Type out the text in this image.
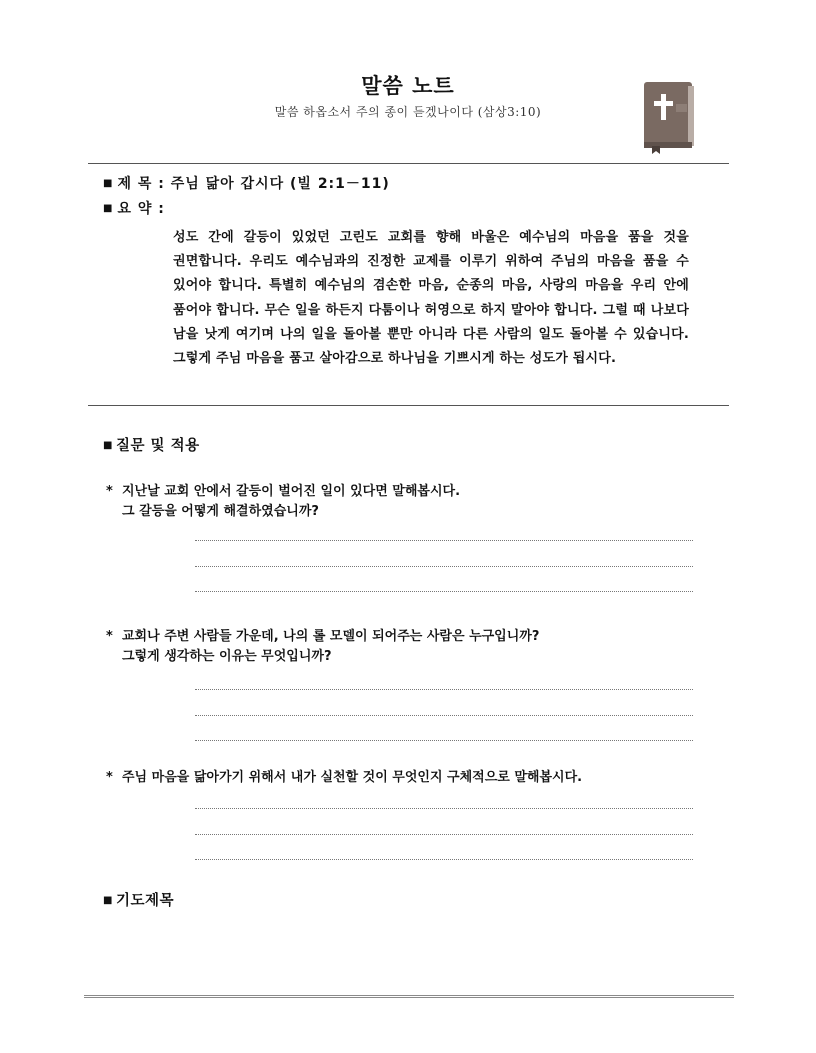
말씀 노트
말씀 하옵소서 주의 종이 듣겠나이다 (삼상3:10)
■ 제 목 : 주님 닮아 갑시다 (빌 2:1－11)
■ 요 약 :
성도 간에 갈등이 있었던 고린도 교회를 향해 바울은 예수님의 마음을 품을 것을 권면합니다. 우리도 예수님과의 진정한 교제를 이루기 위하여 주님의 마음을 품을 수 있어야 합니다. 특별히 예수님의 겸손한 마음, 순종의 마음, 사랑의 마음을 우리 안에 품어야 합니다. 무슨 일을 하든지 다툼이나 허영으로 하지 말아야 합니다. 그럴 때 나보다 남을 낫게 여기며 나의 일을 돌아볼 뿐만 아니라 다른 사람의 일도 돌아볼 수 있습니다. 그렇게 주님 마음을 품고 살아감으로 하나님을 기쁘시게 하는 성도가 됩시다.
■ 질문 및 적용
* 지난날 교회 안에서 갈등이 벌어진 일이 있다면 말해봅시다.
그 갈등을 어떻게 해결하였습니까?
* 교회나 주변 사람들 가운데, 나의 롤 모델이 되어주는 사람은 누구입니까?
그렇게 생각하는 이유는 무엇입니까?
* 주님 마음을 닮아가기 위해서 내가 실천할 것이 무엇인지 구체적으로 말해봅시다.
■ 기도제목
